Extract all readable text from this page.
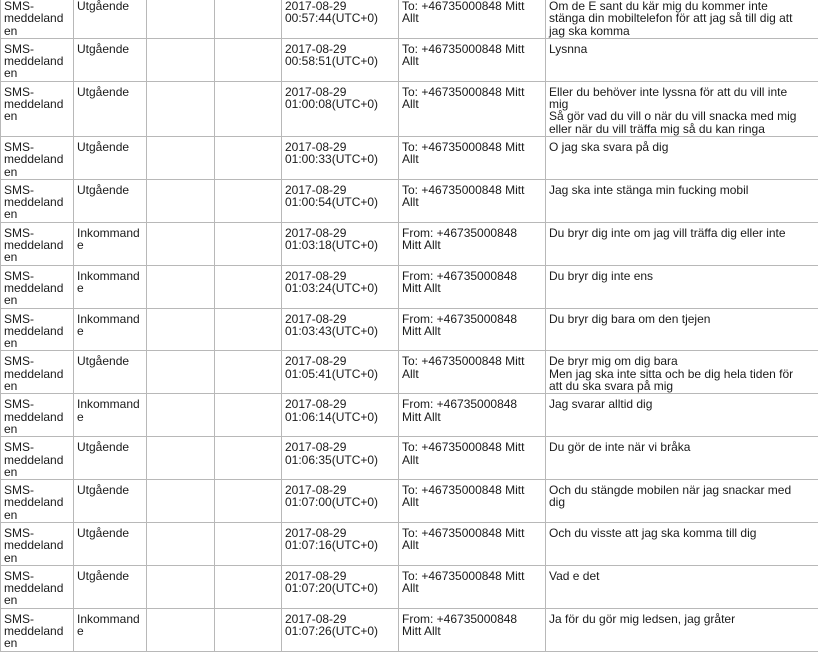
SMS-
meddeland
en	Utgående			2017-08-29
00:57:44(UTC+0)	To: +46735000848 Mitt
Allt	Om de E sant du kär mig du kommer inte
stänga din mobiltelefon för att jag så till dig att
jag ska komma
SMS-
meddeland
en	Utgående			2017-08-29
00:58:51(UTC+0)	To: +46735000848 Mitt
Allt	Lysnna
SMS-
meddeland
en	Utgående			2017-08-29
01:00:08(UTC+0)	To: +46735000848 Mitt
Allt	Eller du behöver inte lyssna för att du vill inte
mig
Så gör vad du vill o när du vill snacka med mig
eller när du vill träffa mig så du kan ringa
SMS-
meddeland
en	Utgående			2017-08-29
01:00:33(UTC+0)	To: +46735000848 Mitt
Allt	O jag ska svara på dig
SMS-
meddeland
en	Utgående			2017-08-29
01:00:54(UTC+0)	To: +46735000848 Mitt
Allt	Jag ska inte stänga min fucking mobil
SMS-
meddeland
en	Inkommand
e			2017-08-29
01:03:18(UTC+0)	From: +46735000848
Mitt Allt	Du bryr dig inte om jag vill träffa dig eller inte
SMS-
meddeland
en	Inkommand
e			2017-08-29
01:03:24(UTC+0)	From: +46735000848
Mitt Allt	Du bryr dig inte ens
SMS-
meddeland
en	Inkommand
e			2017-08-29
01:03:43(UTC+0)	From: +46735000848
Mitt Allt	Du bryr dig bara om den tjejen
SMS-
meddeland
en	Utgående			2017-08-29
01:05:41(UTC+0)	To: +46735000848 Mitt
Allt	De bryr mig om dig bara
Men jag ska inte sitta och be dig hela tiden för
att du ska svara på mig
SMS-
meddeland
en	Inkommand
e			2017-08-29
01:06:14(UTC+0)	From: +46735000848
Mitt Allt	Jag svarar alltid dig
SMS-
meddeland
en	Utgående			2017-08-29
01:06:35(UTC+0)	To: +46735000848 Mitt
Allt	Du gör de inte när vi bråka
SMS-
meddeland
en	Utgående			2017-08-29
01:07:00(UTC+0)	To: +46735000848 Mitt
Allt	Och du stängde mobilen när jag snackar med
dig
SMS-
meddeland
en	Utgående			2017-08-29
01:07:16(UTC+0)	To: +46735000848 Mitt
Allt	Och du visste att jag ska komma till dig
SMS-
meddeland
en	Utgående			2017-08-29
01:07:20(UTC+0)	To: +46735000848 Mitt
Allt	Vad e det
SMS-
meddeland
en	Inkommand
e			2017-08-29
01:07:26(UTC+0)	From: +46735000848
Mitt Allt	Ja för du gör mig ledsen, jag gråter
